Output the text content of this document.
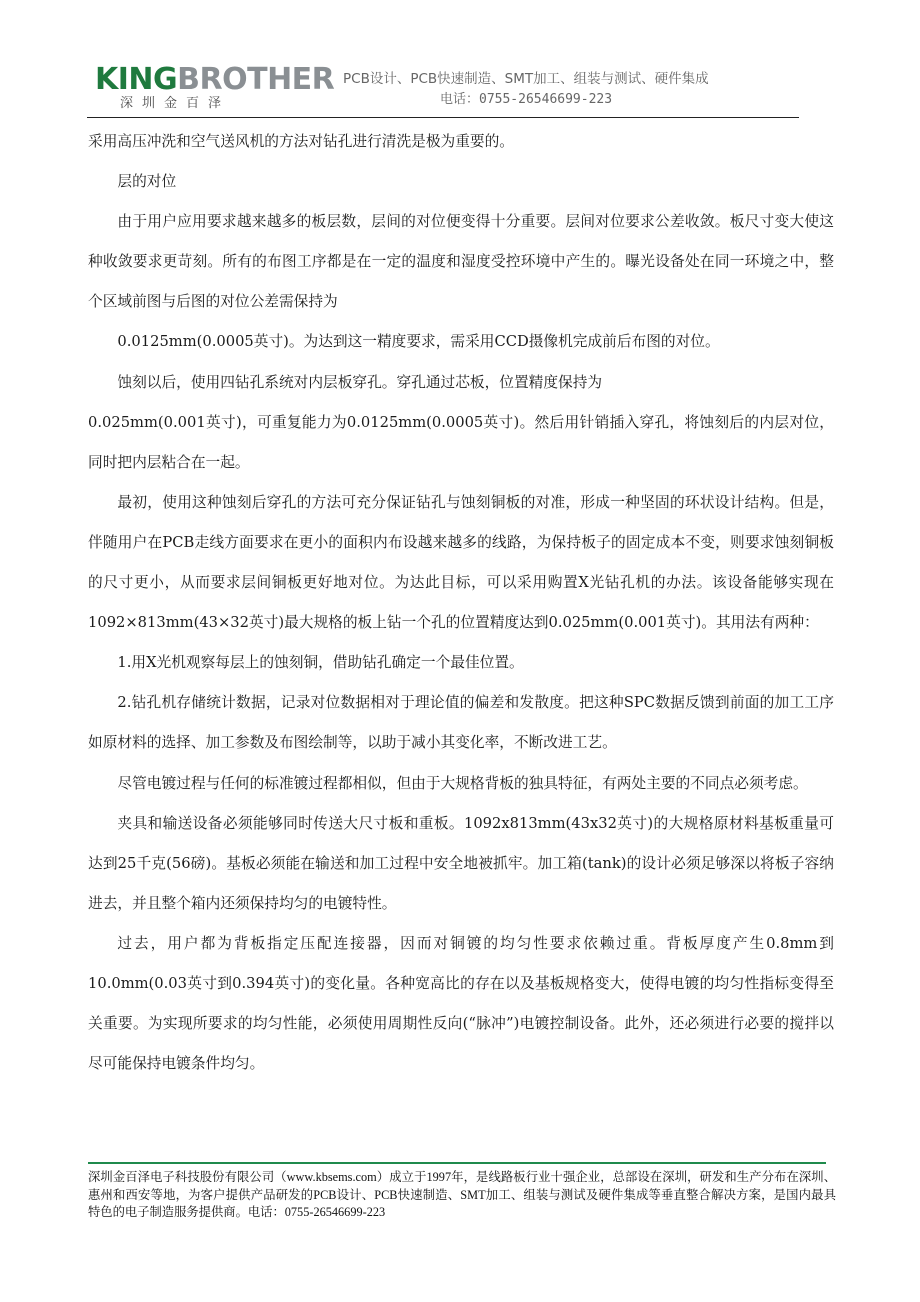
KINGBROTHER
深圳金百泽
PCB设计、PCB快速制造、SMT加工、组装与测试、硬件集成
电话：0755-26546699-223

采用高压冲洗和空气送风机的方法对钻孔进行清洗是极为重要的。

层的对位

由于用户应用要求越来越多的板层数，层间的对位便变得十分重要。层间对位要求公差收敛。板尺寸变大使这种收敛要求更苛刻。所有的布图工序都是在一定的温度和湿度受控环境中产生的。曝光设备处在同一环境之中，整个区域前图与后图的对位公差需保持为

0.0125mm(0.0005英寸)。为达到这一精度要求，需采用CCD摄像机完成前后布图的对位。

蚀刻以后，使用四钻孔系统对内层板穿孔。穿孔通过芯板，位置精度保持为

0.025mm(0.001英寸)，可重复能力为0.0125mm(0.0005英寸)。然后用针销插入穿孔，将蚀刻后的内层对位，同时把内层粘合在一起。

最初，使用这种蚀刻后穿孔的方法可充分保证钻孔与蚀刻铜板的对准，形成一种坚固的环状设计结构。但是，伴随用户在PCB走线方面要求在更小的面积内布设越来越多的线路，为保持板子的固定成本不变，则要求蚀刻铜板的尺寸更小，从而要求层间铜板更好地对位。为达此目标，可以采用购置X光钻孔机的办法。该设备能够实现在1092×813mm(43×32英寸)最大规格的板上钻一个孔的位置精度达到0.025mm(0.001英寸)。其用法有两种：

1.用X光机观察每层上的蚀刻铜，借助钻孔确定一个最佳位置。

2.钻孔机存储统计数据，记录对位数据相对于理论值的偏差和发散度。把这种SPC数据反馈到前面的加工工序如原材料的选择、加工参数及布图绘制等，以助于减小其变化率，不断改进工艺。

尽管电镀过程与任何的标准镀过程都相似，但由于大规格背板的独具特征，有两处主要的不同点必须考虑。

夹具和输送设备必须能够同时传送大尺寸板和重板。1092x813mm(43x32英寸)的大规格原材料基板重量可达到25千克(56磅)。基板必须能在输送和加工过程中安全地被抓牢。加工箱(tank)的设计必须足够深以将板子容纳进去，并且整个箱内还须保持均匀的电镀特性。

过去，用户都为背板指定压配连接器，因而对铜镀的均匀性要求依赖过重。背板厚度产生0.8mm到10.0mm(0.03英寸到0.394英寸)的变化量。各种宽高比的存在以及基板规格变大，使得电镀的均匀性指标变得至关重要。为实现所要求的均匀性能，必须使用周期性反向(“脉冲”)电镀控制设备。此外，还必须进行必要的搅拌以尽可能保持电镀条件均匀。

深圳金百泽电子科技股份有限公司（www.kbsems.com）成立于1997年，是线路板行业十强企业，总部设在深圳，研发和生产分布在深圳、惠州和西安等地，为客户提供产品研发的PCB设计、PCB快速制造、SMT加工、组装与测试及硬件集成等垂直整合解决方案，是国内最具特色的电子制造服务提供商。电话：0755-26546699-223
